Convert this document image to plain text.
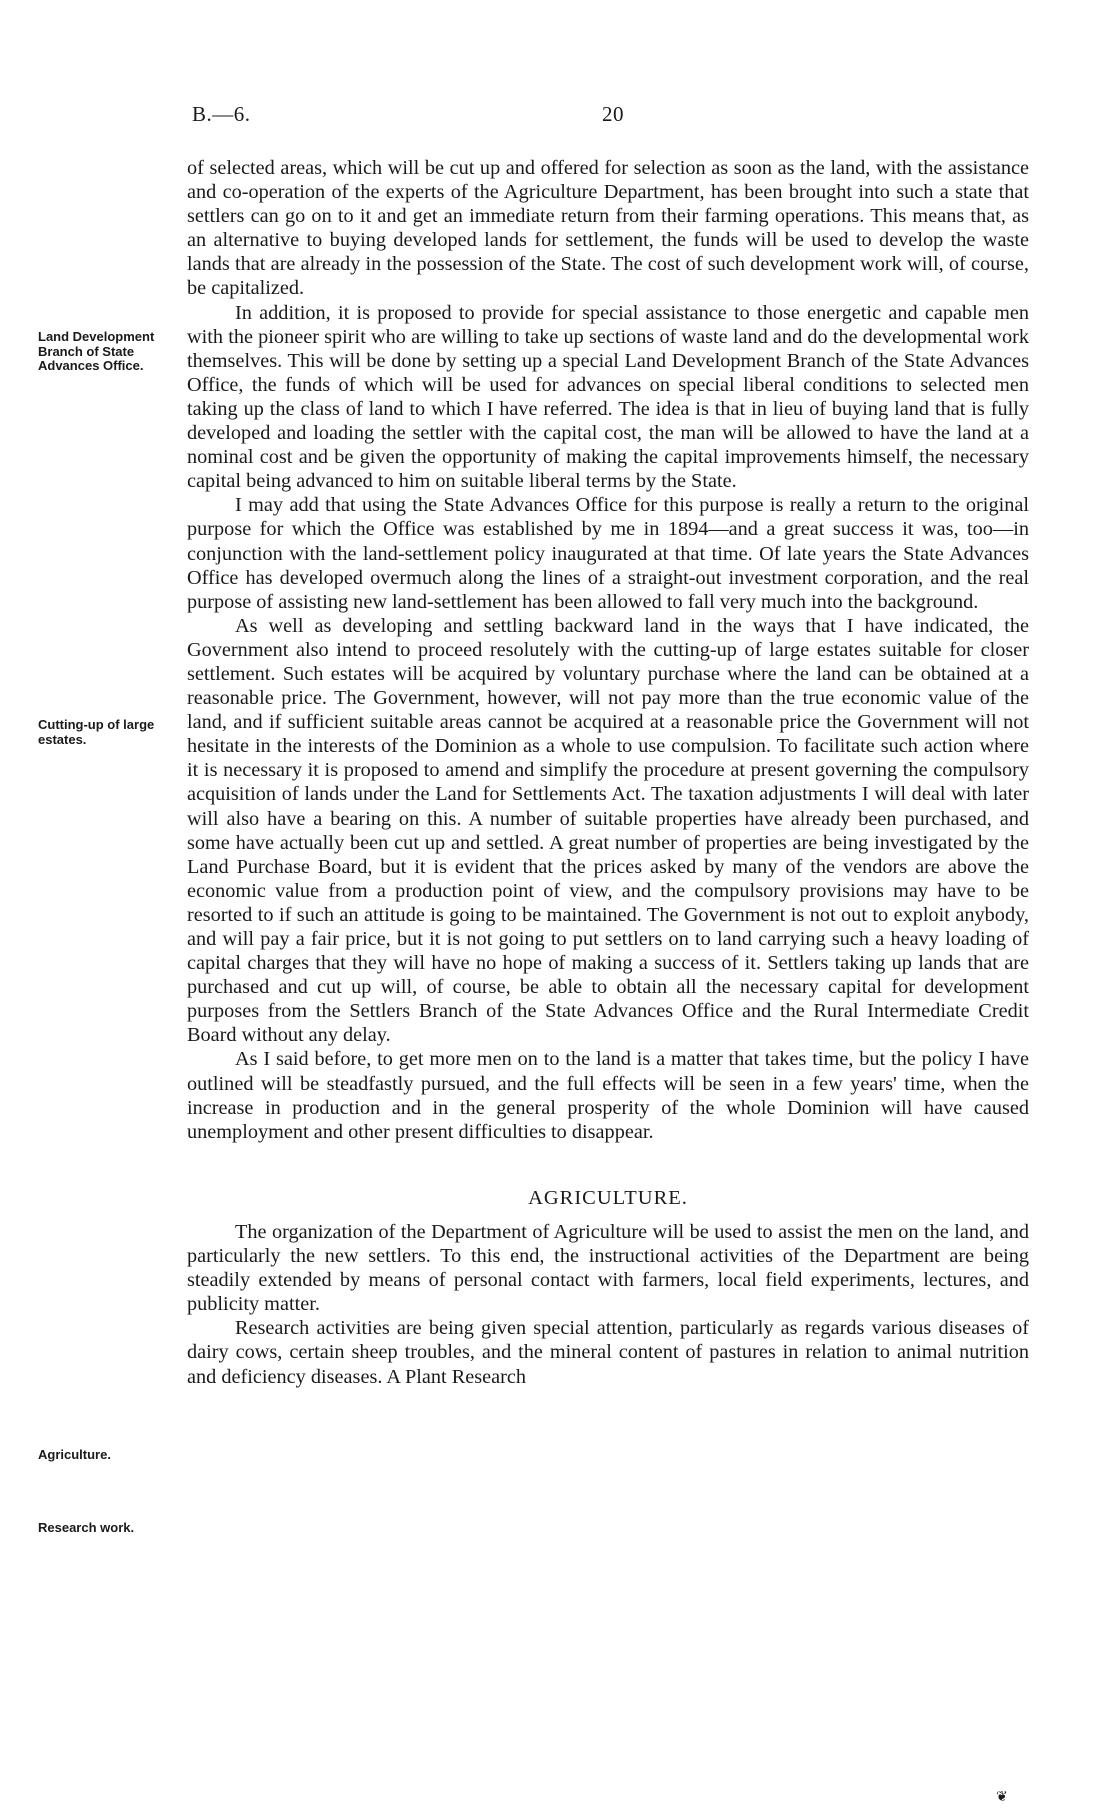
B.—6.	20
Land Development Branch of State Advances Office.
Cutting-up of large estates.
Agriculture.
Research work.

of selected areas, which will be cut up and offered for selection as soon as the land, with the assistance and co-operation of the experts of the Agriculture Department, has been brought into such a state that settlers can go on to it and get an immediate return from their farming operations. This means that, as an alternative to buying developed lands for settlement, the funds will be used to develop the waste lands that are already in the possession of the State. The cost of such development work will, of course, be capitalized.

In addition, it is proposed to provide for special assistance to those energetic and capable men with the pioneer spirit who are willing to take up sections of waste land and do the developmental work themselves. This will be done by setting up a special Land Development Branch of the State Advances Office, the funds of which will be used for advances on special liberal conditions to selected men taking up the class of land to which I have referred. The idea is that in lieu of buying land that is fully developed and loading the settler with the capital cost, the man will be allowed to have the land at a nominal cost and be given the opportunity of making the capital improvements himself, the necessary capital being advanced to him on suitable liberal terms by the State.

I may add that using the State Advances Office for this purpose is really a return to the original purpose for which the Office was established by me in 1894—and a great success it was, too—in conjunction with the land-settlement policy inaugurated at that time. Of late years the State Advances Office has developed overmuch along the lines of a straight-out investment corporation, and the real purpose of assisting new land-settlement has been allowed to fall very much into the background.

As well as developing and settling backward land in the ways that I have indicated, the Government also intend to proceed resolutely with the cutting-up of large estates suitable for closer settlement. Such estates will be acquired by voluntary purchase where the land can be obtained at a reasonable price. The Government, however, will not pay more than the true economic value of the land, and if sufficient suitable areas cannot be acquired at a reasonable price the Government will not hesitate in the interests of the Dominion as a whole to use compulsion. To facilitate such action where it is necessary it is proposed to amend and simplify the procedure at present governing the compulsory acquisition of lands under the Land for Settlements Act. The taxation adjustments I will deal with later will also have a bearing on this. A number of suitable properties have already been purchased, and some have actually been cut up and settled. A great number of properties are being investigated by the Land Purchase Board, but it is evident that the prices asked by many of the vendors are above the economic value from a production point of view, and the compulsory provisions may have to be resorted to if such an attitude is going to be maintained. The Government is not out to exploit anybody, and will pay a fair price, but it is not going to put settlers on to land carrying such a heavy loading of capital charges that they will have no hope of making a success of it. Settlers taking up lands that are purchased and cut up will, of course, be able to obtain all the necessary capital for development purposes from the Settlers Branch of the State Advances Office and the Rural Intermediate Credit Board without any delay.

As I said before, to get more men on to the land is a matter that takes time, but the policy I have outlined will be steadfastly pursued, and the full effects will be seen in a few years' time, when the increase in production and in the general prosperity of the whole Dominion will have caused unemployment and other present difficulties to disappear.

AGRICULTURE.

The organization of the Department of Agriculture will be used to assist the men on the land, and particularly the new settlers. To this end, the instructional activities of the Department are being steadily extended by means of personal contact with farmers, local field experiments, lectures, and publicity matter.

Research activities are being given special attention, particularly as regards various diseases of dairy cows, certain sheep troubles, and the mineral content of pastures in relation to animal nutrition and deficiency diseases. A Plant Research

❦
